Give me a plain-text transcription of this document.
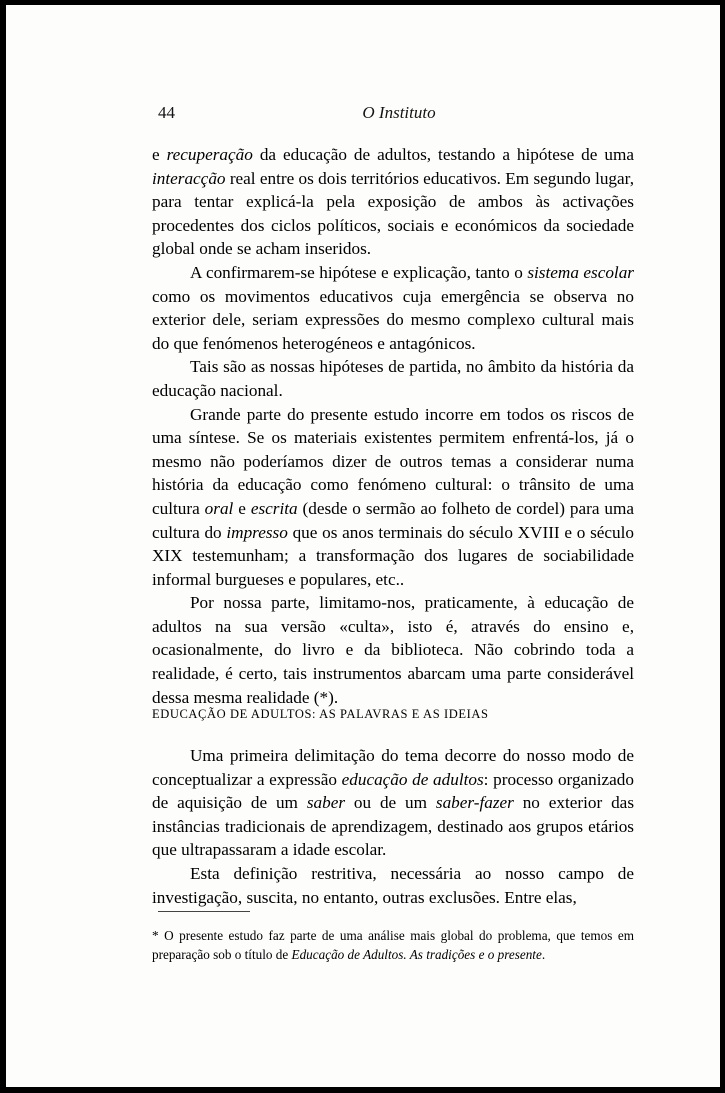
44	O Instituto

e recuperação da educação de adultos, testando a hipótese de uma interacção real entre os dois territórios educativos. Em segundo lugar, para tentar explicá-la pela exposição de ambos às activações procedentes dos ciclos políticos, sociais e económicos da sociedade global onde se acham inseridos.

A confirmarem-se hipótese e explicação, tanto o sistema escolar como os movimentos educativos cuja emergência se observa no exterior dele, seriam expressões do mesmo complexo cultural mais do que fenómenos heterogéneos e antagónicos.

Tais são as nossas hipóteses de partida, no âmbito da história da educação nacional.

Grande parte do presente estudo incorre em todos os riscos de uma síntese. Se os materiais existentes permitem enfrentá-los, já o mesmo não poderíamos dizer de outros temas a considerar numa história da educação como fenómeno cultural: o trânsito de uma cultura oral e escrita (desde o sermão ao folheto de cordel) para uma cultura do impresso que os anos terminais do século XVIII e o século XIX testemunham; a transformação dos lugares de sociabilidade informal burgueses e populares, etc..

Por nossa parte, limitamo-nos, praticamente, à educação de adultos na sua versão «culta», isto é, através do ensino e, ocasionalmente, do livro e da biblioteca. Não cobrindo toda a realidade, é certo, tais instrumentos abarcam uma parte considerável dessa mesma realidade (*).

EDUCAÇÃO DE ADULTOS: AS PALAVRAS E AS IDEIAS

Uma primeira delimitação do tema decorre do nosso modo de conceptualizar a expressão educação de adultos: processo organizado de aquisição de um saber ou de um saber-fazer no exterior das instâncias tradicionais de aprendizagem, destinado aos grupos etários que ultrapassaram a idade escolar.

Esta definição restritiva, necessária ao nosso campo de investigação, suscita, no entanto, outras exclusões. Entre elas,

* O presente estudo faz parte de uma análise mais global do problema, que temos em preparação sob o título de Educação de Adultos. As tradições e o presente.
